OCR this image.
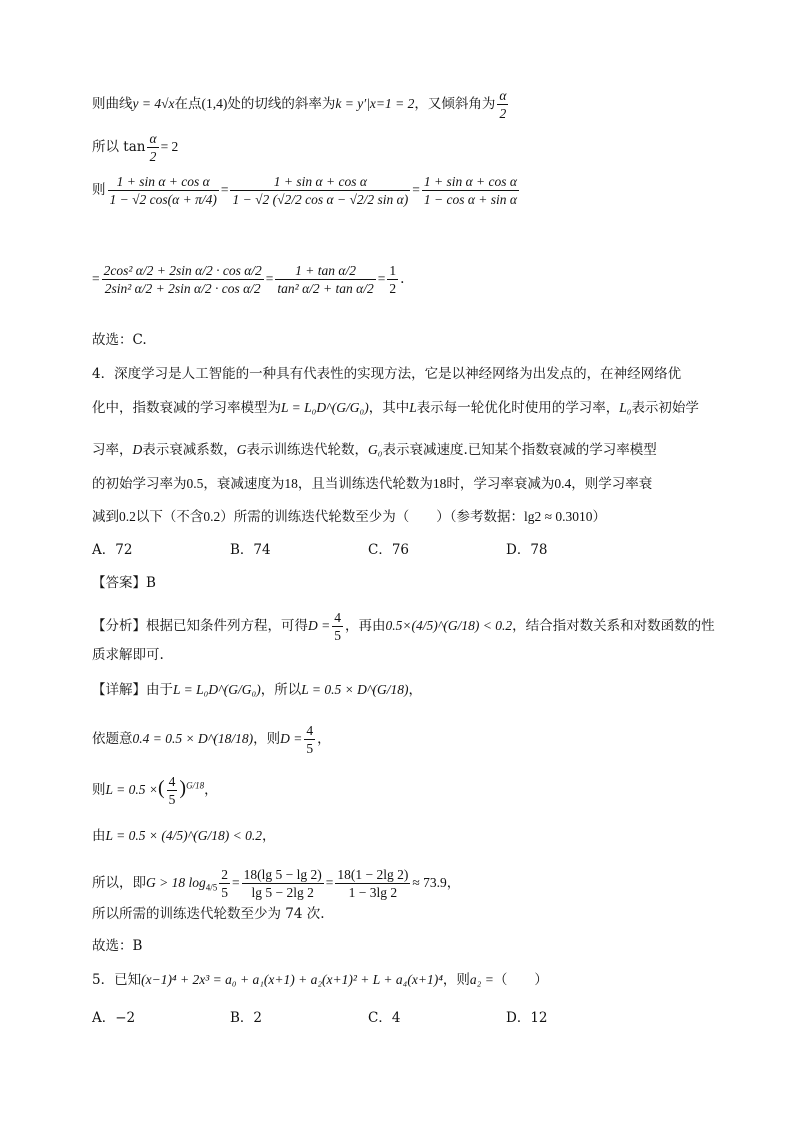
则曲线y = 4√x在点(1,4)处的切线的斜率为k = y′|x=1 = 2，又倾斜角为 $\frac{\alpha}{2}$
所以 $\tan \frac{\alpha}{2} = 2$
则 $\frac{\text{1 + sin α + cos α}}{1 - √2 \cos(\alpha + \pi/4)} = \frac{\text{1 + sin α + cos α}}{\text{1 − √2 (√2/2 cos α − √2/2 sin α)}} = \frac{\text{1 + sin α + cos α}}{\text{1 − cos α + sin α}}$
= $\frac{\text{2cos² α/2 + 2sin α/2 · cos α/2}}{\text{2sin² α/2 + 2sin α/2 · cos α/2}} = \frac{\text{1 + tan α/2}}{\text{tan² α/2 + tan α/2}} = \frac{1}{2}$ .
故选：C.
4．深度学习是人工智能的一种具有代表性的实现方法，它是以神经网络为出发点的，在神经网络优
化中，指数衰减的学习率模型为L = L₀D^(G/G₀)，其中L表示每一轮优化时使用的学习率，L₀表示初始学
习率，D表示衰减系数，G表示训练迭代轮数，G₀表示衰减速度.已知某个指数衰减的学习率模型
的初始学习率为0.5，衰减速度为18，且当训练迭代轮数为18时，学习率衰减为0.4，则学习率衰
减到0.2以下（不含0.2）所需的训练迭代轮数至少为（　　）（参考数据：lg2 ≈ 0.3010）
A．72	B．74	C．76	D．78
【答案】B
【分析】根据已知条件列方程，可得$D = \frac{4}{5}$ ，再由0.5×(4/5)^(G/18) < 0.2，结合指对数关系和对数函数的性
质求解即可.
【详解】由于L = L₀D^(G/G₀)，所以L = 0.5 × D^(G/18)，
依题意0.4 = 0.5 × D^(18/18)，则$D = \frac{4}{5}$ ，
则L = 0.5 ×( $\frac{4}{5} )^{G/18}$，
由L = 0.5 × (4/5)^(G/18) < 0.2，
所以，即G > 18 $\log_{4/5} \frac{2}{5} = \frac{18(\lg 5 - \lg 2)}{\lg 5 - 2\lg 2} = \frac{18(1 - 2\lg 2)}{1 - 3\lg 2} \approx 73.9$，
所以所需的训练迭代轮数至少为 74 次.
故选：B
5．已知(x−1)⁴ + 2x³ = a₀ + a₁(x+1) + a₂(x+1)² + L + a₄(x+1)⁴，则a₂ =（　　）
A．−2	B．2	C．4	D．12
